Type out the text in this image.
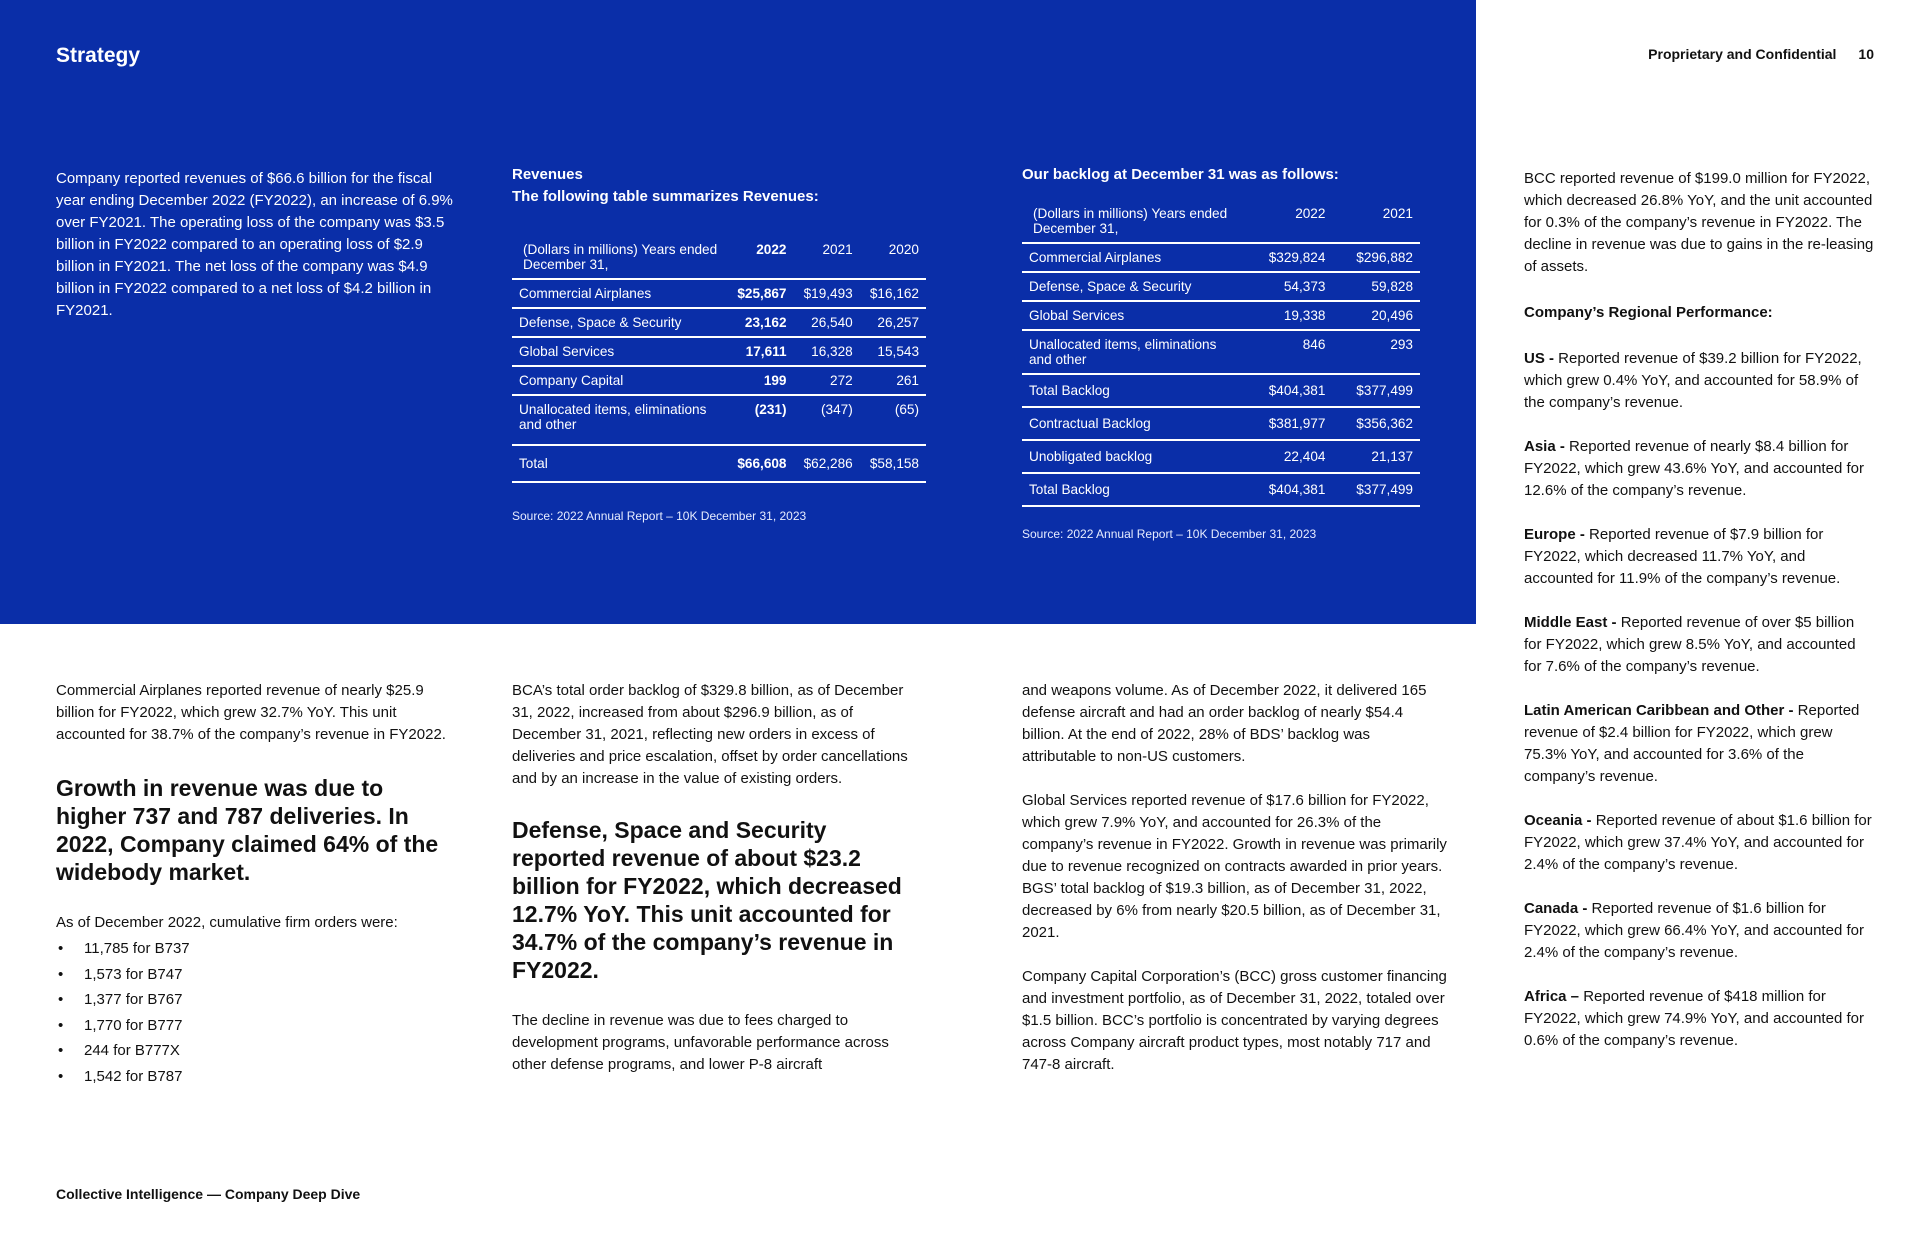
Strategy	Proprietary and Confidential 10

Company reported revenues of $66.6 billion for the fiscal year ending December 2022 (FY2022), an increase of 6.9% over FY2021. The operating loss of the company was $3.5 billion in FY2022 compared to an operating loss of $2.9 billion in FY2021. The net loss of the company was $4.9 billion in FY2022 compared to a net loss of $4.2 billion in FY2021.

Revenues
The following table summarizes Revenues:
(Dollars in millions) Years ended December 31,	2022	2021	2020
Commercial Airplanes	$25,867	$19,493	$16,162
Defense, Space & Security	23,162	26,540	26,257
Global Services	17,611	16,328	15,543
Company Capital	199	272	261
Unallocated items, eliminations and other	(231)	(347)	(65)
Total	$66,608	$62,286	$58,158
Source: 2022 Annual Report – 10K December 31, 2023
Our backlog at December 31 was as follows:
(Dollars in millions) Years ended December 31,	2022	2021
Commercial Airplanes	$329,824	$296,882
Defense, Space & Security	54,373	59,828
Global Services	19,338	20,496
Unallocated items, eliminations and other	846	293
Total Backlog	$404,381	$377,499
Contractual Backlog	$381,977	$356,362
Unobligated backlog	22,404	21,137
Total Backlog	$404,381	$377,499
Source: 2022 Annual Report – 10K December 31, 2023

Commercial Airplanes reported revenue of nearly $25.9 billion for FY2022, which grew 32.7% YoY. This unit accounted for 38.7% of the company’s revenue in FY2022.

Growth in revenue was due to higher 737 and 787 deliveries. In 2022, Company claimed 64% of the widebody market.

As of December 2022, cumulative firm orders were:

• 11,785 for B737
• 1,573 for B747
• 1,377 for B767
• 1,770 for B777
• 244 for B777X
• 1,542 for B787

BCA’s total order backlog of $329.8 billion, as of December 31, 2022, increased from about $296.9 billion, as of December 31, 2021, reflecting new orders in excess of deliveries and price escalation, offset by order cancellations and by an increase in the value of existing orders.

Defense, Space and Security reported revenue of about $23.2 billion for FY2022, which decreased 12.7% YoY. This unit accounted for 34.7% of the company’s revenue in FY2022.

The decline in revenue was due to fees charged to development programs, unfavorable performance across other defense programs, and lower P-8 aircraft

and weapons volume. As of December 2022, it delivered 165 defense aircraft and had an order backlog of nearly $54.4 billion. At the end of 2022, 28% of BDS’ backlog was attributable to non-US customers.

Global Services reported revenue of $17.6 billion for FY2022, which grew 7.9% YoY, and accounted for 26.3% of the company’s revenue in FY2022. Growth in revenue was primarily due to revenue recognized on contracts awarded in prior years. BGS’ total backlog of $19.3 billion, as of December 31, 2022, decreased by 6% from nearly $20.5 billion, as of December 31, 2021.

Company Capital Corporation’s (BCC) gross customer financing and investment portfolio, as of December 31, 2022, totaled over $1.5 billion. BCC’s portfolio is concentrated by varying degrees across Company aircraft product types, most notably 717 and 747-8 aircraft.

BCC reported revenue of $199.0 million for FY2022, which decreased 26.8% YoY, and the unit accounted for 0.3% of the company’s revenue in FY2022. The decline in revenue was due to gains in the re-leasing of assets.

Company’s Regional Performance:

US - Reported revenue of $39.2 billion for FY2022, which grew 0.4% YoY, and accounted for 58.9% of the company’s revenue.
Asia - Reported revenue of nearly $8.4 billion for FY2022, which grew 43.6% YoY, and accounted for 12.6% of the company’s revenue.
Europe - Reported revenue of $7.9 billion for FY2022, which decreased 11.7% YoY, and accounted for 11.9% of the company’s revenue.
Middle East - Reported revenue of over $5 billion for FY2022, which grew 8.5% YoY, and accounted for 7.6% of the company’s revenue.
Latin American Caribbean and Other - Reported revenue of $2.4 billion for FY2022, which grew 75.3% YoY, and accounted for 3.6% of the company’s revenue.
Oceania - Reported revenue of about $1.6 billion for FY2022, which grew 37.4% YoY, and accounted for 2.4% of the company’s revenue.
Canada - Reported revenue of $1.6 billion for FY2022, which grew 66.4% YoY, and accounted for 2.4% of the company’s revenue.
Africa – Reported revenue of $418 million for FY2022, which grew 74.9% YoY, and accounted for 0.6% of the company’s revenue.
Collective Intelligence — Company Deep Dive
